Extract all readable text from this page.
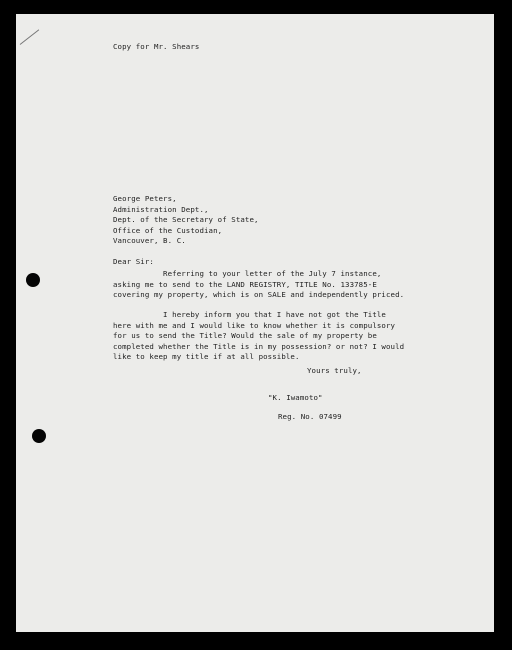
Copy for Mr. Shears
George Peters,
Administration Dept.,
Dept. of the Secretary of State,
Office of the Custodian,
Vancouver, B. C.
Dear Sir:
Referring to your letter of the July 7 instance,
asking me to send to the LAND REGISTRY, TITLE No. 133785-E
covering my property, which is on SALE and independently priced.
I hereby inform you that I have not got the Title
here with me and I would like to know whether it is compulsory
for us to send the Title? Would the sale of my property be
completed whether the Title is in my possession? or not? I would
like to keep my title if at all possible.
Yours truly,
"K. Iwamoto"
Reg. No. 07499
